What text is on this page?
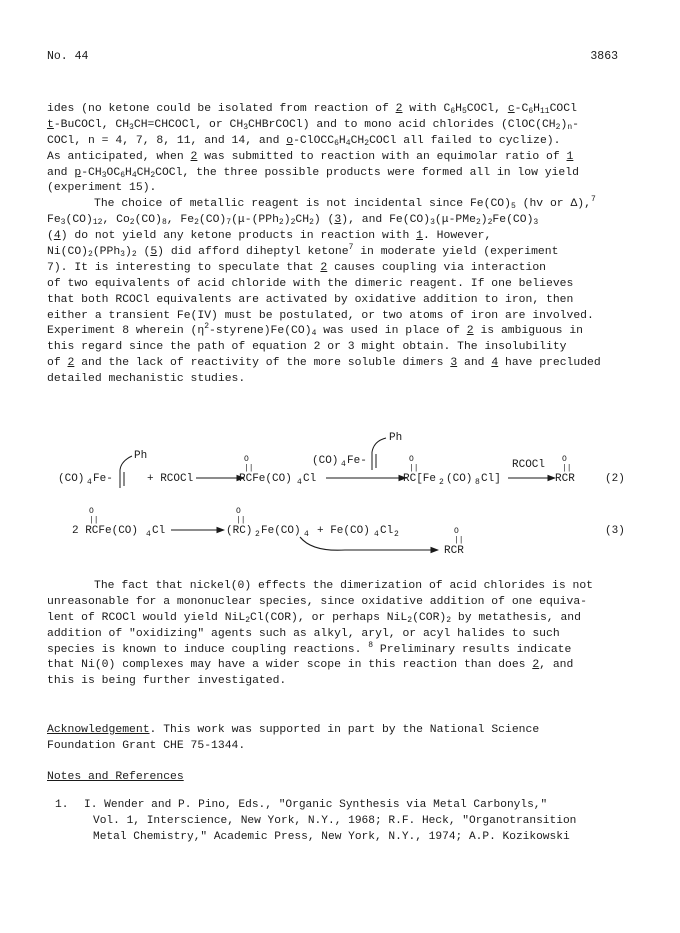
No. 44	3863
ides (no ketone could be isolated from reaction of 2 with $C_6H_5COCl$, $c-C_6H_{11}COCl$
t-BuCOCl, $CH_3CH=CHCOCl$, or $CH_3CHBrCOCl$) and to mono acid chlorides ($ClOC(CH_2)_n-$
COCl, n = 4, 7, 8, 11, and 14, and $o-ClOCC_6H_4CH_2COCl$ all failed to cyclize).
As anticipated, when 2 was submitted to reaction with an equimolar ratio of 1
and $p-CH_3OC_6H_4CH_2COCl$, the three possible products were formed all in low yield
(experiment 15).
The choice of metallic reagent is not incidental since $Fe(CO)_5$ (hv or Δ),$^7$
$Fe_3(CO)_{12}$, $Co_2(CO)_8$, $Fe_2(CO)_7(\mu-(PPh_2)_2CH_2)$ (3), and $Fe(CO)_3(\mu-PMe_2)_2Fe(CO)_3$
(4) do not yield any ketone products in reaction with 1. However,
$Ni(CO)_2(PPh_3)_2$ (5) did afford diheptyl ketone$^7$ in moderate yield (experiment
7). It is interesting to speculate that 2 causes coupling via interaction
of two equivalents of acid chloride with the dimeric reagent. If one believes
that both RCOCl equivalents are activated by oxidative addition to iron, then
either a transient Fe(IV) must be postulated, or two atoms of iron are involved.
Experiment 8 wherein $(\eta^2-styrene)Fe(CO)_4$ was used in place of 2 is ambiguous in
this regard since the path of equation 2 or 3 might obtain. The insolubility
of 2 and the lack of reactivity of the more soluble dimers 3 and 4 have precluded
detailed mechanistic studies.
(CO) 4 Fe-
Ph
+ RCOCl
O
||
RCFe(CO) 4 Cl
(CO) 4 Fe-
Ph
O
||
RC[Fe 2 (CO) 8 Cl]
RCOCl O
||
RCR	(2)
O
||
2 RCFe(CO) 4 Cl
O
||
(RC) 2 Fe(CO) 4 + Fe(CO) 4 Cl 2	O
||
RCR
(3)
The fact that nickel(0) effects the dimerization of acid chlorides is not
unreasonable for a mononuclear species, since oxidative addition of one equiva-
lent of RCOCl would yield NiL$_2$Cl(COR), or perhaps $NiL_2(COR)_2$ by metathesis, and
addition of "oxidizing" agents such as alkyl, aryl, or acyl halides to such
species is known to induce coupling reactions. $^8$ Preliminary results indicate
that Ni(0) complexes may have a wider scope in this reaction than does 2, and
this is being further investigated.
Acknowledgement. This work was supported in part by the National Science
Foundation Grant CHE 75-1344.
Notes and References
1. I. Wender and P. Pino, Eds., "Organic Synthesis via Metal Carbonyls,"
Vol. 1, Interscience, New York, N.Y., 1968; R.F. Heck, "Organotransition
Metal Chemistry," Academic Press, New York, N.Y., 1974; A.P. Kozikowski
